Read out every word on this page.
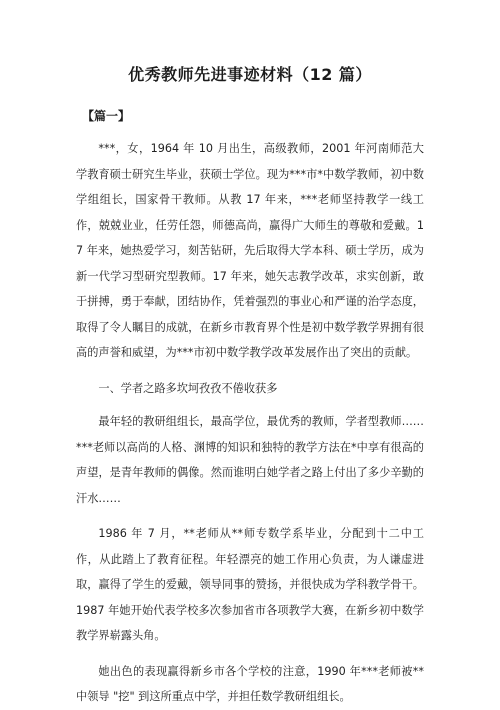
优秀教师先进事迹材料（12 篇）
【篇一】

***，女，1964 年 10 月出生，高级教师，2001 年河南师范大学教育硕士研究生毕业，获硕士学位。现为***市*中数学教师，初中数学组组长，国家骨干教师。从教 17 年来，***老师坚持教学一线工作，兢兢业业，任劳任怨，师德高尚，赢得广大师生的尊敬和爱戴。17 年来，她热爱学习，刻苦钻研，先后取得大学本科、硕士学历，成为新一代学习型研究型教师。17 年来，她矢志教学改革，求实创新，敢于拼搏，勇于奉献，团结协作，凭着强烈的事业心和严谨的治学态度，取得了令人瞩目的成就，在新乡市教育界个性是初中数学教学界拥有很高的声誉和威望，为***市初中数学教学改革发展作出了突出的贡献。

一、学者之路多坎坷孜孜不倦收获多

最年轻的教研组组长，最高学位，最优秀的教师，学者型教师……***老师以高尚的人格、渊博的知识和独特的教学方法在*中享有很高的声望，是青年教师的偶像。然而谁明白她学者之路上付出了多少辛勤的汗水……

1986 年 7 月，**老师从**师专数学系毕业，分配到十二中工作，从此踏上了教育征程。年轻漂亮的她工作用心负责，为人谦虚进取，赢得了学生的爱戴，领导同事的赞扬，并很快成为学科教学骨干。1987 年她开始代表学校多次参加省市各项教学大赛，在新乡初中数学教学界崭露头角。

她出色的表现赢得新乡市各个学校的注意，1990 年***老师被**中领导 "挖" 到这所重点中学，并担任数学教研组组长。
